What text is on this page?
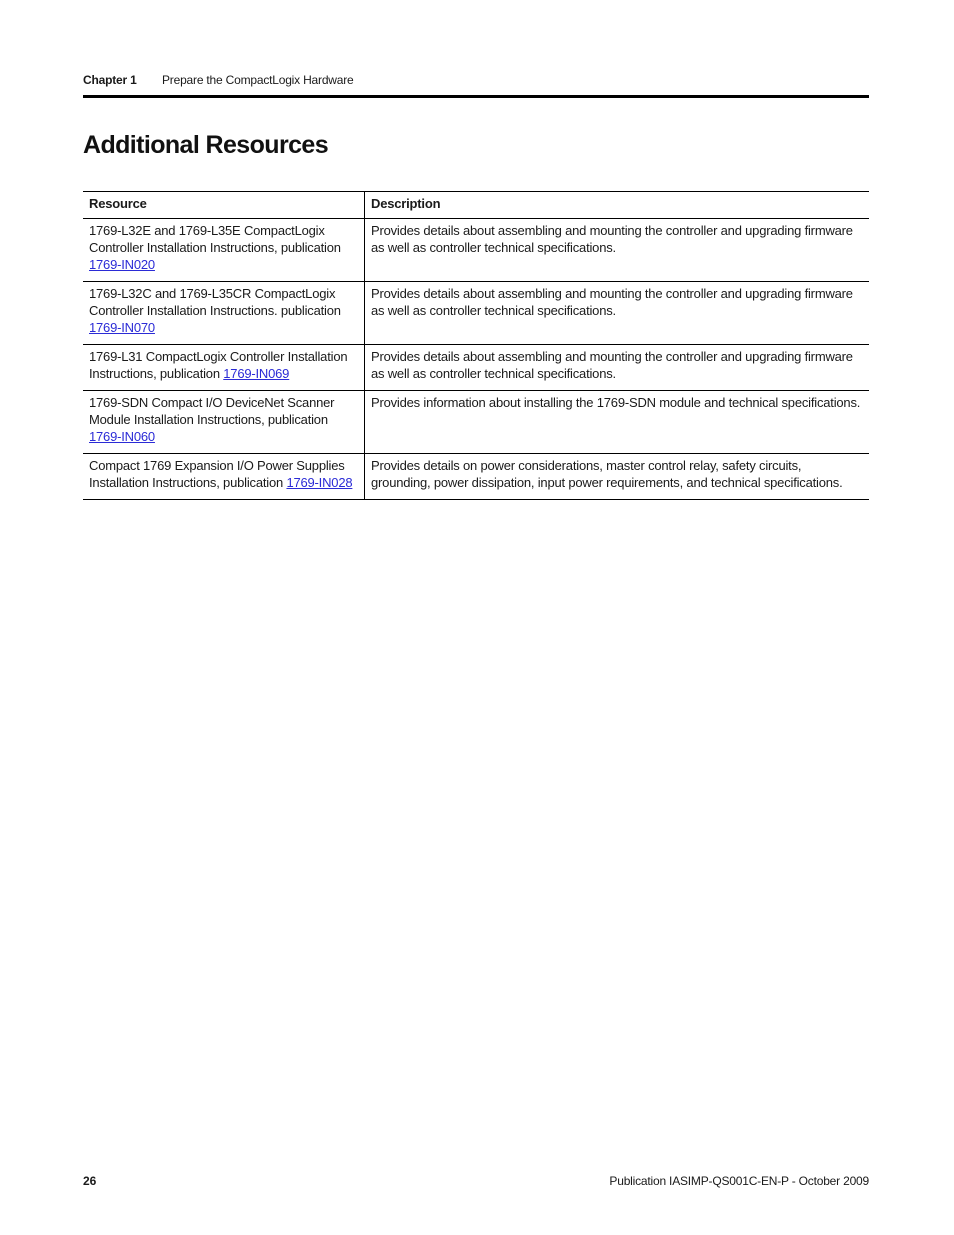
Chapter 1 Prepare the CompactLogix Hardware
Additional Resources
Resource	Description
1769-L32E and 1769-L35E CompactLogix Controller Installation Instructions, publication 1769-IN020	Provides details about assembling and mounting the controller and upgrading firmware as well as controller technical specifications.
1769-L32C and 1769-L35CR CompactLogix Controller Installation Instructions. publication 1769-IN070	Provides details about assembling and mounting the controller and upgrading firmware as well as controller technical specifications.
1769-L31 CompactLogix Controller Installation Instructions, publication 1769-IN069	Provides details about assembling and mounting the controller and upgrading firmware as well as controller technical specifications.
1769-SDN Compact I/O DeviceNet Scanner Module Installation Instructions, publication 1769-IN060	Provides information about installing the 1769-SDN module and technical specifications.
Compact 1769 Expansion I/O Power Supplies Installation Instructions, publication 1769-IN028	Provides details on power considerations, master control relay, safety circuits, grounding, power dissipation, input power requirements, and technical specifications.
26	Publication IASIMP-QS001C-EN-P - October 2009
